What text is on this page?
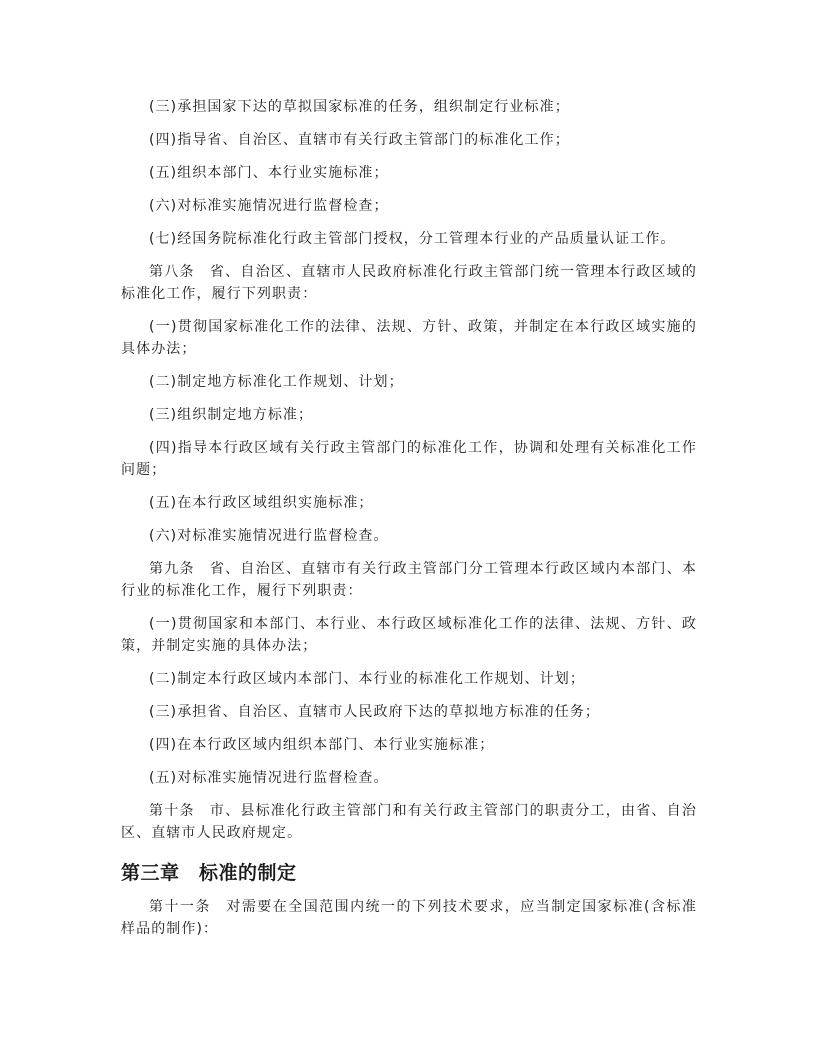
(三)承担国家下达的草拟国家标准的任务，组织制定行业标准；

(四)指导省、自治区、直辖市有关行政主管部门的标准化工作；

(五)组织本部门、本行业实施标准；

(六)对标准实施情况进行监督检查；

(七)经国务院标准化行政主管部门授权，分工管理本行业的产品质量认证工作。

第八条　省、自治区、直辖市人民政府标准化行政主管部门统一管理本行政区域的标准化工作，履行下列职责：

(一)贯彻国家标准化工作的法律、法规、方针、政策，并制定在本行政区域实施的具体办法；

(二)制定地方标准化工作规划、计划；

(三)组织制定地方标准；

(四)指导本行政区域有关行政主管部门的标准化工作，协调和处理有关标准化工作问题；

(五)在本行政区域组织实施标准；

(六)对标准实施情况进行监督检查。

第九条　省、自治区、直辖市有关行政主管部门分工管理本行政区域内本部门、本行业的标准化工作，履行下列职责：

(一)贯彻国家和本部门、本行业、本行政区域标准化工作的法律、法规、方针、政策，并制定实施的具体办法；

(二)制定本行政区域内本部门、本行业的标准化工作规划、计划；

(三)承担省、自治区、直辖市人民政府下达的草拟地方标准的任务；

(四)在本行政区域内组织本部门、本行业实施标准；

(五)对标准实施情况进行监督检查。

第十条　市、县标准化行政主管部门和有关行政主管部门的职责分工，由省、自治区、直辖市人民政府规定。

第三章　标准的制定

第十一条　对需要在全国范围内统一的下列技术要求，应当制定国家标准(含标准样品的制作)：
